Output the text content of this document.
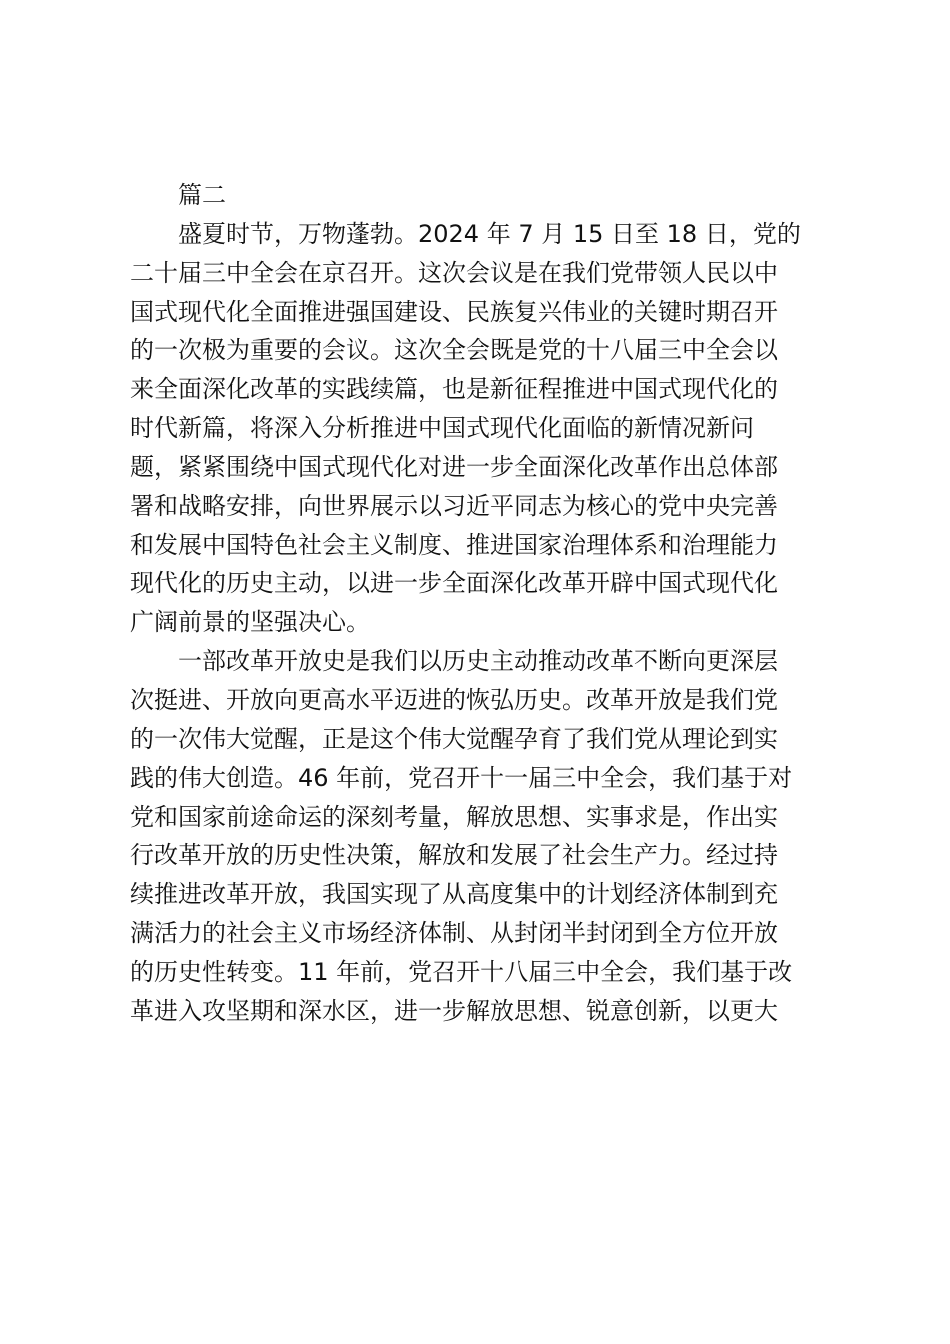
篇二
盛夏时节，万物蓬勃。2024 年 7 月 15 日至 18 日，党的
二十届三中全会在京召开。这次会议是在我们党带领人民以中
国式现代化全面推进强国建设、民族复兴伟业的关键时期召开
的一次极为重要的会议。这次全会既是党的十八届三中全会以
来全面深化改革的实践续篇，也是新征程推进中国式现代化的
时代新篇，将深入分析推进中国式现代化面临的新情况新问
题，紧紧围绕中国式现代化对进一步全面深化改革作出总体部
署和战略安排，向世界展示以习近平同志为核心的党中央完善
和发展中国特色社会主义制度、推进国家治理体系和治理能力
现代化的历史主动，以进一步全面深化改革开辟中国式现代化
广阔前景的坚强决心。
一部改革开放史是我们以历史主动推动改革不断向更深层
次挺进、开放向更高水平迈进的恢弘历史。改革开放是我们党
的一次伟大觉醒，正是这个伟大觉醒孕育了我们党从理论到实
践的伟大创造。46 年前，党召开十一届三中全会，我们基于对
党和国家前途命运的深刻考量，解放思想、实事求是，作出实
行改革开放的历史性决策，解放和发展了社会生产力。经过持
续推进改革开放，我国实现了从高度集中的计划经济体制到充
满活力的社会主义市场经济体制、从封闭半封闭到全方位开放
的历史性转变。11 年前，党召开十八届三中全会，我们基于改
革进入攻坚期和深水区，进一步解放思想、锐意创新，以更大
